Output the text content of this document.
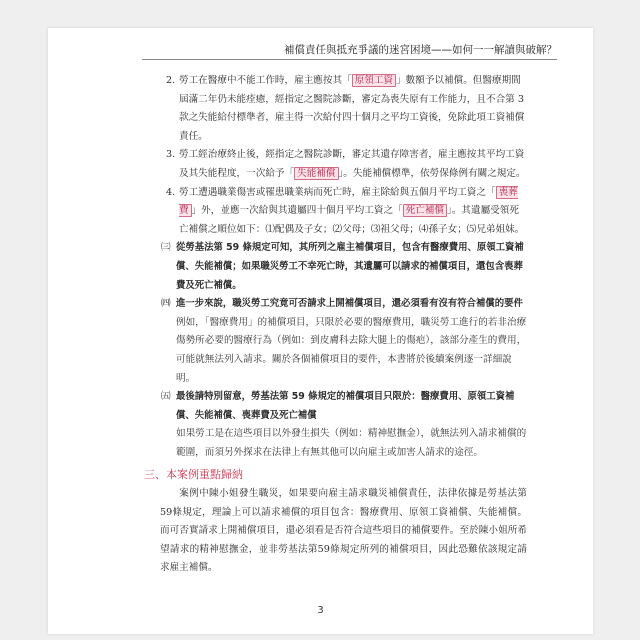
補償責任與抵充爭議的迷宮困境——如何一一解讀與破解？
2. 勞工在醫療中不能工作時，雇主應按其「 原領工資 」數額予以補償。但醫療期間屆滿二年仍未能痊癒，經指定之醫院診斷，審定為喪失原有工作能力，且不合第 3 款之失能給付標準者，雇主得一次給付四十個月之平均工資後，免除此項工資補償責任。
3. 勞工經治療終止後，經指定之醫院診斷，審定其遺存障害者，雇主應按其平均工資及其失能程度，一次給予「 失能補償 」。失能補償標準，依勞保條例有關之規定。
4. 勞工遭遇職業傷害或罹患職業病而死亡時，雇主除給與五個月平均工資之「 喪葬費 」外，並應一次給與其遺屬四十個月平均工資之「 死亡補償 」。其遺屬受領死亡補償之順位如下：⑴配偶及子女；⑵父母；⑶祖父母；⑷孫子女；⑸兄弟姐妹。
㈢ 從勞基法第 59 條規定可知，其所列之雇主補償項目，包含有醫療費用、原領工資補償、失能補償；如果職災勞工不幸死亡時，其遺屬可以請求的補償項目，還包含喪葬費及死亡補償。
㈣ 進一步來說，職災勞工究竟可否請求上開補償項目，還必須看有沒有符合補償的要件
例如，「醫療費用」的補償項目，只限於必要的醫療費用，職災勞工進行的若非治療傷勢所必要的醫療行為（例如：到皮膚科去除大腿上的傷疤），該部分產生的費用，可能就無法列入請求。關於各個補償項目的要件，本書將於後續案例逐一詳細說明。
㈤ 最後請特別留意，勞基法第 59 條規定的補償項目只限於：醫療費用、原領工資補償、失能補償、喪葬費及死亡補償
如果勞工是在這些項目以外發生損失（例如：精神慰撫金），就無法列入請求補償的範圍，而須另外探求在法律上有無其他可以向雇主或加害人請求的途徑。
三、本案例重點歸納
案例中陳小姐發生職災，如果要向雇主請求職災補償責任，法律依據是勞基法第59條規定，理論上可以請求補償的項目包含：醫療費用、原領工資補償、失能補償。而可否實請求上開補償項目，還必須看是否符合這些項目的補償要件。至於陳小姐所希望請求的精神慰撫金，並非勞基法第59條規定所列的補償項目，因此恐難依該規定請求雇主補償。
3
